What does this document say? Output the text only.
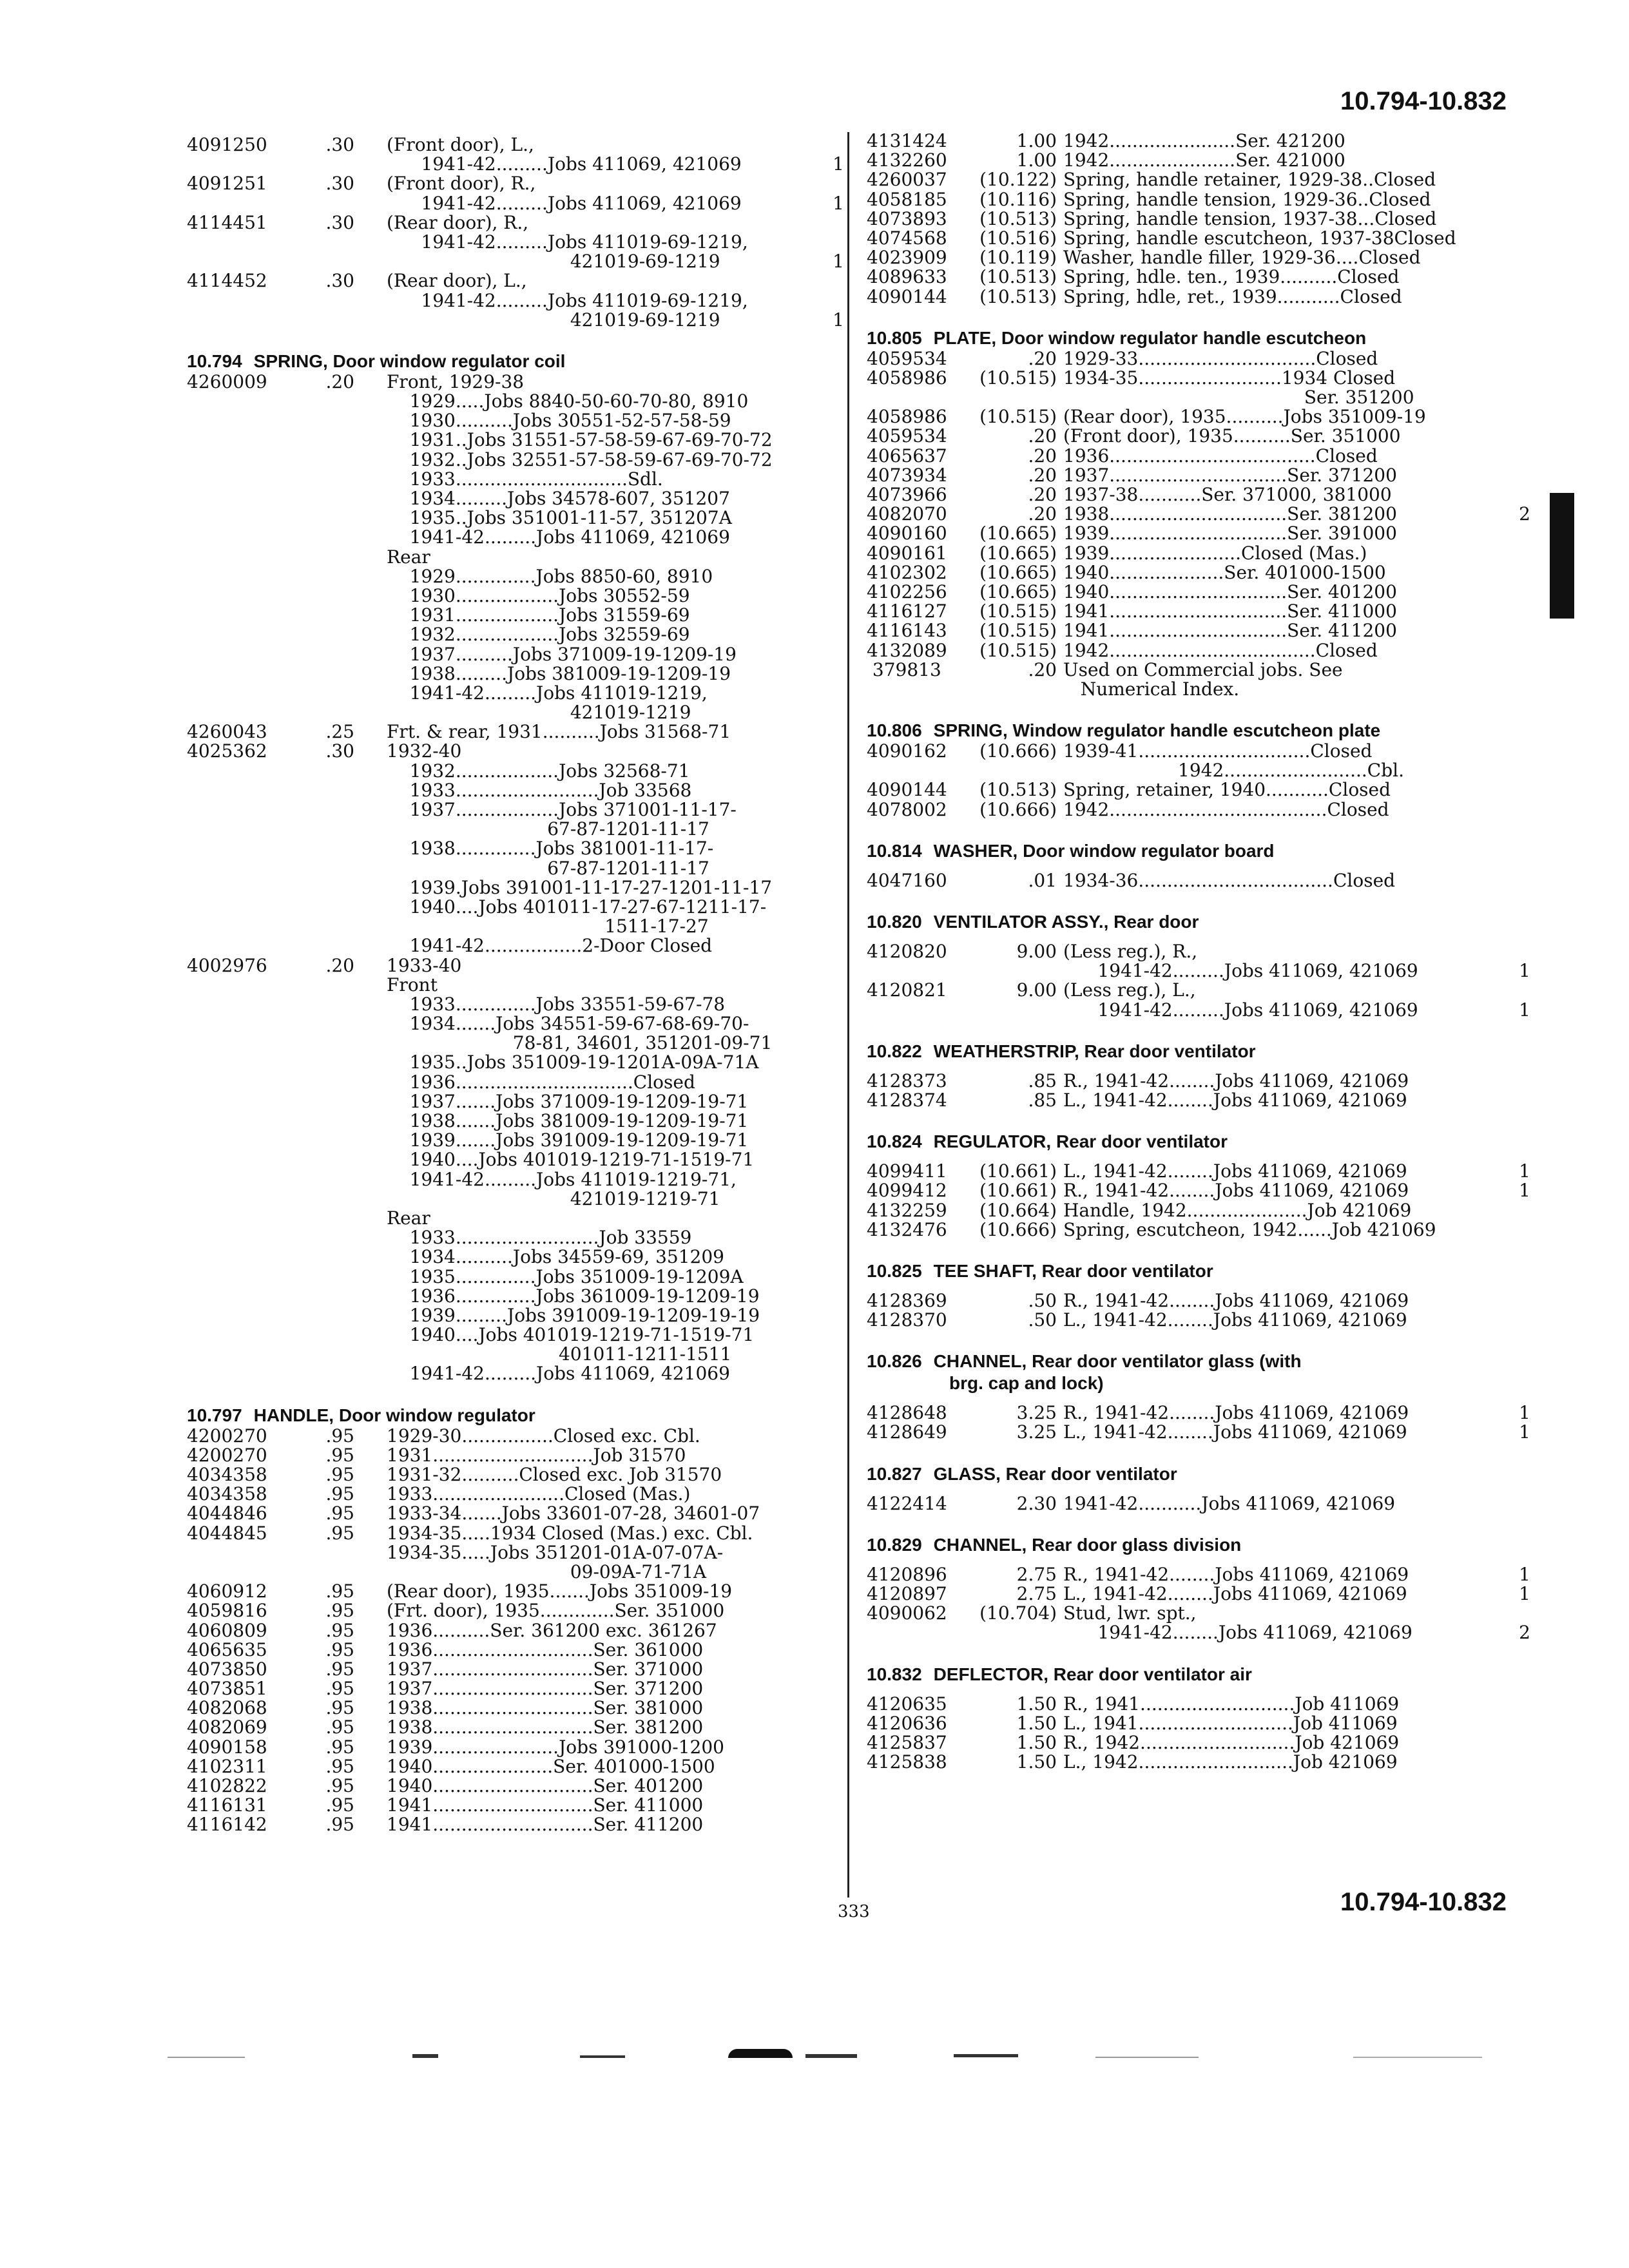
10.794-10.832
4091250	.30 (Front door), L.,
1941-42.........Jobs 411069, 421069	1
4091251	.30 (Front door), R.,
1941-42.........Jobs 411069, 421069	1
4114451	.30 (Rear door), R.,
1941-42.........Jobs 411019-69-1219,
421019-69-1219	1
4114452	.30 (Rear door), L.,
1941-42.........Jobs 411019-69-1219,
421019-69-1219	1
10.794 SPRING, Door window regulator coil
4260009	.20 Front, 1929-38
1929.....Jobs 8840-50-60-70-80, 8910
1930..........Jobs 30551-52-57-58-59
1931..Jobs 31551-57-58-59-67-69-70-72
1932..Jobs 32551-57-58-59-67-69-70-72
1933..............................Sdl.
1934.........Jobs 34578-607, 351207
1935..Jobs 351001-11-57, 351207A
1941-42.........Jobs 411069, 421069
Rear
1929..............Jobs 8850-60, 8910
1930..................Jobs 30552-59
1931..................Jobs 31559-69
1932..................Jobs 32559-69
1937..........Jobs 371009-19-1209-19
1938.........Jobs 381009-19-1209-19
1941-42.........Jobs 411019-1219,
421019-1219
4260043	.25 Frt. & rear, 1931..........Jobs 31568-71
4025362	.30 1932-40
1932..................Jobs 32568-71
1933.........................Job 33568
1937..................Jobs 371001-11-17-
67-87-1201-11-17
1938..............Jobs 381001-11-17-
67-87-1201-11-17
1939.Jobs 391001-11-17-27-1201-11-17
1940....Jobs 401011-17-27-67-1211-17-
1511-17-27
1941-42.................2-Door Closed
4002976	.20 1933-40
Front
1933..............Jobs 33551-59-67-78
1934.......Jobs 34551-59-67-68-69-70-
78-81, 34601, 351201-09-71
1935..Jobs 351009-19-1201A-09A-71A
1936...............................Closed
1937.......Jobs 371009-19-1209-19-71
1938.......Jobs 381009-19-1209-19-71
1939.......Jobs 391009-19-1209-19-71
1940....Jobs 401019-1219-71-1519-71
1941-42.........Jobs 411019-1219-71,
421019-1219-71
Rear
1933.........................Job 33559
1934..........Jobs 34559-69, 351209
1935..............Jobs 351009-19-1209A
1936..............Jobs 361009-19-1209-19
1939.........Jobs 391009-19-1209-19-19
1940....Jobs 401019-1219-71-1519-71
401011-1211-1511
1941-42.........Jobs 411069, 421069
10.797 HANDLE, Door window regulator
4200270	.95 1929-30................Closed exc. Cbl.
4200270	.95 1931............................Job 31570
4034358	.95 1931-32..........Closed exc. Job 31570
4034358	.95 1933.......................Closed (Mas.)
4044846	.95 1933-34.......Jobs 33601-07-28, 34601-07
4044845	.95 1934-35.....1934 Closed (Mas.) exc. Cbl.
1934-35.....Jobs 351201-01A-07-07A-
09-09A-71-71A
4060912	.95 (Rear door), 1935.......Jobs 351009-19
4059816	.95 (Frt. door), 1935.............Ser. 351000
4060809	.95 1936..........Ser. 361200 exc. 361267
4065635	.95 1936............................Ser. 361000
4073850	.95 1937............................Ser. 371000
4073851	.95 1937............................Ser. 371200
4082068	.95 1938............................Ser. 381000
4082069	.95 1938............................Ser. 381200
4090158	.95 1939......................Jobs 391000-1200
4102311	.95 1940.....................Ser. 401000-1500
4102822	.95 1940............................Ser. 401200
4116131	.95 1941............................Ser. 411000
4116142	.95 1941............................Ser. 411200
4131424	1.00 1942......................Ser. 421200
4132260	1.00 1942......................Ser. 421000
4260037	(10.122) Spring, handle retainer, 1929-38..Closed
4058185	(10.116) Spring, handle tension, 1929-36..Closed
4073893	(10.513) Spring, handle tension, 1937-38...Closed
4074568	(10.516) Spring, handle escutcheon, 1937-38Closed
4023909	(10.119) Washer, handle filler, 1929-36....Closed
4089633	(10.513) Spring, hdle. ten., 1939..........Closed
4090144	(10.513) Spring, hdle, ret., 1939...........Closed
10.805 PLATE, Door window regulator handle escutcheon
4059534	.20 1929-33...............................Closed
4058986	(10.515) 1934-35.........................1934 Closed
Ser. 351200
4058986	(10.515) (Rear door), 1935..........Jobs 351009-19
4059534	.20 (Front door), 1935..........Ser. 351000
4065637	.20 1936....................................Closed
4073934	.20 1937...............................Ser. 371200
4073966	.20 1937-38...........Ser. 371000, 381000
4082070	.20 1938...............................Ser. 381200	2
4090160	(10.665) 1939...............................Ser. 391000
4090161	(10.665) 1939.......................Closed (Mas.)
4102302	(10.665) 1940....................Ser. 401000-1500
4102256	(10.665) 1940...............................Ser. 401200
4116127	(10.515) 1941...............................Ser. 411000
4116143	(10.515) 1941...............................Ser. 411200
4132089	(10.515) 1942....................................Closed
379813	.20 Used on Commercial jobs. See
Numerical Index.
10.806 SPRING, Window regulator handle escutcheon plate
4090162	(10.666) 1939-41..............................Closed
1942.........................Cbl.
4090144	(10.513) Spring, retainer, 1940...........Closed
4078002	(10.666) 1942......................................Closed
10.814 WASHER, Door window regulator board
4047160	.01 1934-36..................................Closed
10.820 VENTILATOR ASSY., Rear door
4120820	9.00 (Less reg.), R.,
1941-42.........Jobs 411069, 421069	1
4120821	9.00 (Less reg.), L.,
1941-42.........Jobs 411069, 421069	1
10.822 WEATHERSTRIP, Rear door ventilator
4128373	.85 R., 1941-42........Jobs 411069, 421069
4128374	.85 L., 1941-42........Jobs 411069, 421069
10.824 REGULATOR, Rear door ventilator
4099411	(10.661) L., 1941-42........Jobs 411069, 421069	1
4099412	(10.661) R., 1941-42........Jobs 411069, 421069	1
4132259	(10.664) Handle, 1942.....................Job 421069
4132476	(10.666) Spring, escutcheon, 1942......Job 421069
10.825 TEE SHAFT, Rear door ventilator
4128369	.50 R., 1941-42........Jobs 411069, 421069
4128370	.50 L., 1941-42........Jobs 411069, 421069
10.826 CHANNEL, Rear door ventilator glass (with
brg. cap and lock)
4128648	3.25 R., 1941-42........Jobs 411069, 421069	1
4128649	3.25 L., 1941-42........Jobs 411069, 421069	1
10.827 GLASS, Rear door ventilator
4122414	2.30 1941-42...........Jobs 411069, 421069
10.829 CHANNEL, Rear door glass division
4120896	2.75 R., 1941-42........Jobs 411069, 421069	1
4120897	2.75 L., 1941-42........Jobs 411069, 421069	1
4090062	(10.704) Stud, lwr. spt.,
1941-42........Jobs 411069, 421069	2
10.832 DEFLECTOR, Rear door ventilator air
4120635	1.50 R., 1941...........................Job 411069
4120636	1.50 L., 1941...........................Job 411069
4125837	1.50 R., 1942...........................Job 421069
4125838	1.50 L., 1942...........................Job 421069
333	10.794-10.832
